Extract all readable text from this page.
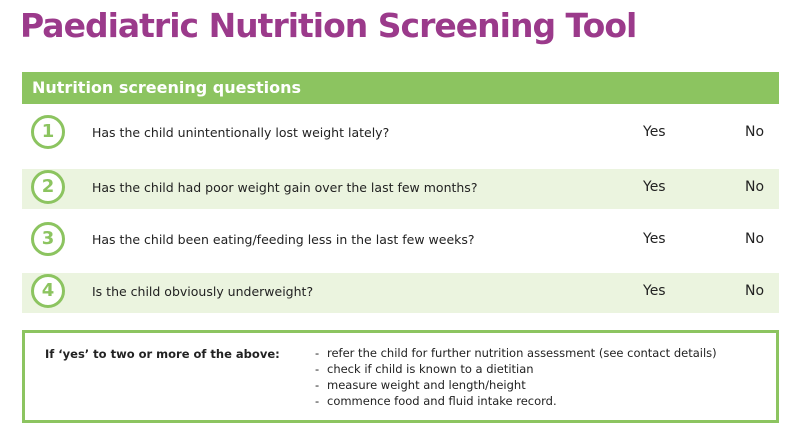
Paediatric Nutrition Screening Tool
Nutrition screening questions
1	Has the child unintentionally lost weight lately?	Yes	No
2	Has the child had poor weight gain over the last few months?	Yes	No
3	Has the child been eating/feeding less in the last few weeks?	Yes	No
4	Is the child obviously underweight?	Yes	No
If ‘yes’ to two or more of the above:
-	refer the child for further nutrition assessment (see contact details)
- check if child is known to a dietitian
- measure weight and length/height
- commence food and fluid intake record.
